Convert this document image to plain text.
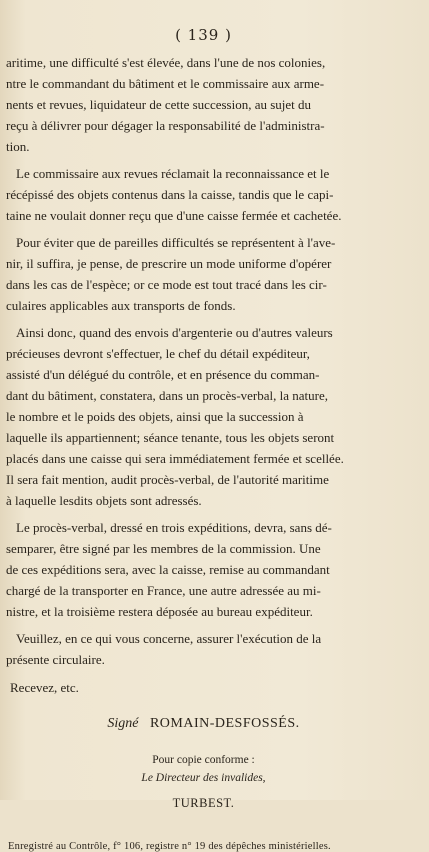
( 139 )
aritime, une difficulté s'est élevée, dans l'une de nos colonies,
ntre le commandant du bâtiment et le commissaire aux arme-
nents et revues, liquidateur de cette succession, au sujet du
reçu à délivrer pour dégager la responsabilité de l'administra-
tion.
Le commissaire aux revues réclamait la reconnaissance et le
récépissé des objets contenus dans la caisse, tandis que le capi-
taine ne voulait donner reçu que d'une caisse fermée et cachetée.
Pour éviter que de pareilles difficultés se représentent à l'ave-
nir, il suffira, je pense, de prescrire un mode uniforme d'opérer
dans les cas de l'espèce; or ce mode est tout tracé dans les cir-
culaires applicables aux transports de fonds.
Ainsi donc, quand des envois d'argenterie ou d'autres valeurs
précieuses devront s'effectuer, le chef du détail expéditeur,
assisté d'un délégué du contrôle, et en présence du comman-
dant du bâtiment, constatera, dans un procès-verbal, la nature,
le nombre et le poids des objets, ainsi que la succession à
laquelle ils appartiennent; séance tenante, tous les objets seront
placés dans une caisse qui sera immédiatement fermée et scellée.
Il sera fait mention, audit procès-verbal, de l'autorité maritime
à laquelle lesdits objets sont adressés.
Le procès-verbal, dressé en trois expéditions, devra, sans dé-
semparer, être signé par les membres de la commission. Une
de ces expéditions sera, avec la caisse, remise au commandant
chargé de la transporter en France, une autre adressée au mi-
nistre, et la troisième restera déposée au bureau expéditeur.
Veuillez, en ce qui vous concerne, assurer l'exécution de la
présente circulaire.
Recevez, etc.
Signé ROMAIN-DESFOSSÉS.
Pour copie conforme :
Le Directeur des invalides,
TURBEST.
Enregistré au Contrôle, f° 106, registre n° 19 des dépêches ministérielles.
